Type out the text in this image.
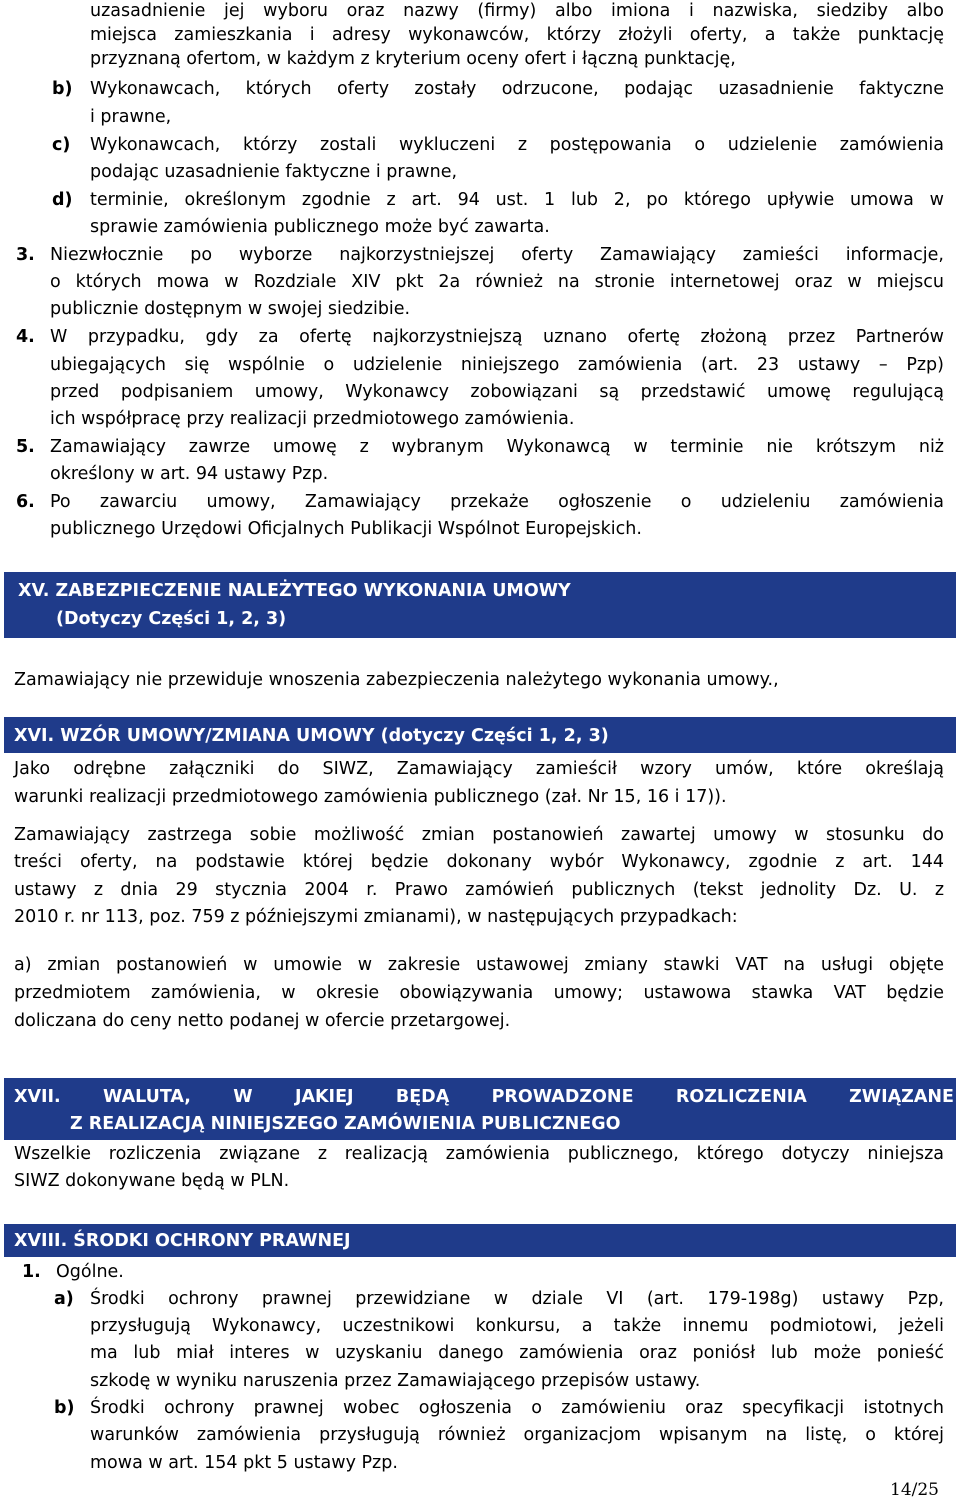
uzasadnienie jej wyboru oraz nazwy (firmy) albo imiona i nazwiska, siedziby albo
miejsca zamieszkania i adresy wykonawców, którzy złożyli oferty, a także punktację
przyznaną ofertom, w każdym z kryterium oceny ofert i łączną punktację,
b) Wykonawcach, których oferty zostały odrzucone, podając uzasadnienie faktyczne
i prawne,
c) Wykonawcach, którzy zostali wykluczeni z postępowania o udzielenie zamówienia
podając uzasadnienie faktyczne i prawne,
d) terminie, określonym zgodnie z art. 94 ust. 1 lub 2, po którego upływie umowa w
sprawie zamówienia publicznego może być zawarta.
3. Niezwłocznie po wyborze najkorzystniejszej oferty Zamawiający zamieści informacje,
o których mowa w Rozdziale XIV pkt 2a również na stronie internetowej oraz w miejscu
publicznie dostępnym w swojej siedzibie.
4. W przypadku, gdy za ofertę najkorzystniejszą uznano ofertę złożoną przez Partnerów
ubiegających się wspólnie o udzielenie niniejszego zamówienia (art. 23 ustawy – Pzp)
przed podpisaniem umowy, Wykonawcy zobowiązani są przedstawić umowę regulującą
ich współpracę przy realizacji przedmiotowego zamówienia.
5. Zamawiający zawrze umowę z wybranym Wykonawcą w terminie nie krótszym niż
określony w art. 94 ustawy Pzp.
6. Po zawarciu umowy, Zamawiający przekaże ogłoszenie o udzieleniu zamówienia
publicznego Urzędowi Oficjalnych Publikacji Wspólnot Europejskich.
XV. ZABEZPIECZENIE NALEŻYTEGO WYKONANIA UMOWY
(Dotyczy Części 1, 2, 3)
Zamawiający nie przewiduje wnoszenia zabezpieczenia należytego wykonania umowy.,
XVI. WZÓR UMOWY/ZMIANA UMOWY (dotyczy Części 1, 2, 3)
Jako odrębne załączniki do SIWZ, Zamawiający zamieścił wzory umów, które określają
warunki realizacji przedmiotowego zamówienia publicznego (zał. Nr 15, 16 i 17)).
Zamawiający zastrzega sobie możliwość zmian postanowień zawartej umowy w stosunku do
treści oferty, na podstawie której będzie dokonany wybór Wykonawcy, zgodnie z art. 144
ustawy z dnia 29 stycznia 2004 r. Prawo zamówień publicznych (tekst jednolity Dz. U. z
2010 r. nr 113, poz. 759 z późniejszymi zmianami), w następujących przypadkach:
a) zmian postanowień w umowie w zakresie ustawowej zmiany stawki VAT na usługi objęte
przedmiotem zamówienia, w okresie obowiązywania umowy; ustawowa stawka VAT będzie
doliczana do ceny netto podanej w ofercie przetargowej.
XVII.  WALUTA,  W  JAKIEJ  BĘDĄ  PROWADZONE  ROZLICZENIA  ZWIĄZANE
Z REALIZACJĄ NINIEJSZEGO ZAMÓWIENIA PUBLICZNEGO
Wszelkie rozliczenia związane z realizacją zamówienia publicznego, którego dotyczy niniejsza
SIWZ dokonywane będą w PLN.
XVIII. ŚRODKI OCHRONY PRAWNEJ
1. Ogólne.
a) Środki ochrony prawnej przewidziane w dziale VI (art. 179-198g) ustawy Pzp,
przysługują Wykonawcy, uczestnikowi konkursu, a także innemu podmiotowi, jeżeli
ma lub miał interes w uzyskaniu danego zamówienia oraz poniósł lub może ponieść
szkodę w wyniku naruszenia przez Zamawiającego przepisów ustawy.
b) Środki ochrony prawnej wobec ogłoszenia o zamówieniu oraz specyfikacji istotnych
warunków zamówienia przysługują również organizacjom wpisanym na listę, o której
mowa w art. 154 pkt 5 ustawy Pzp.
14/25
